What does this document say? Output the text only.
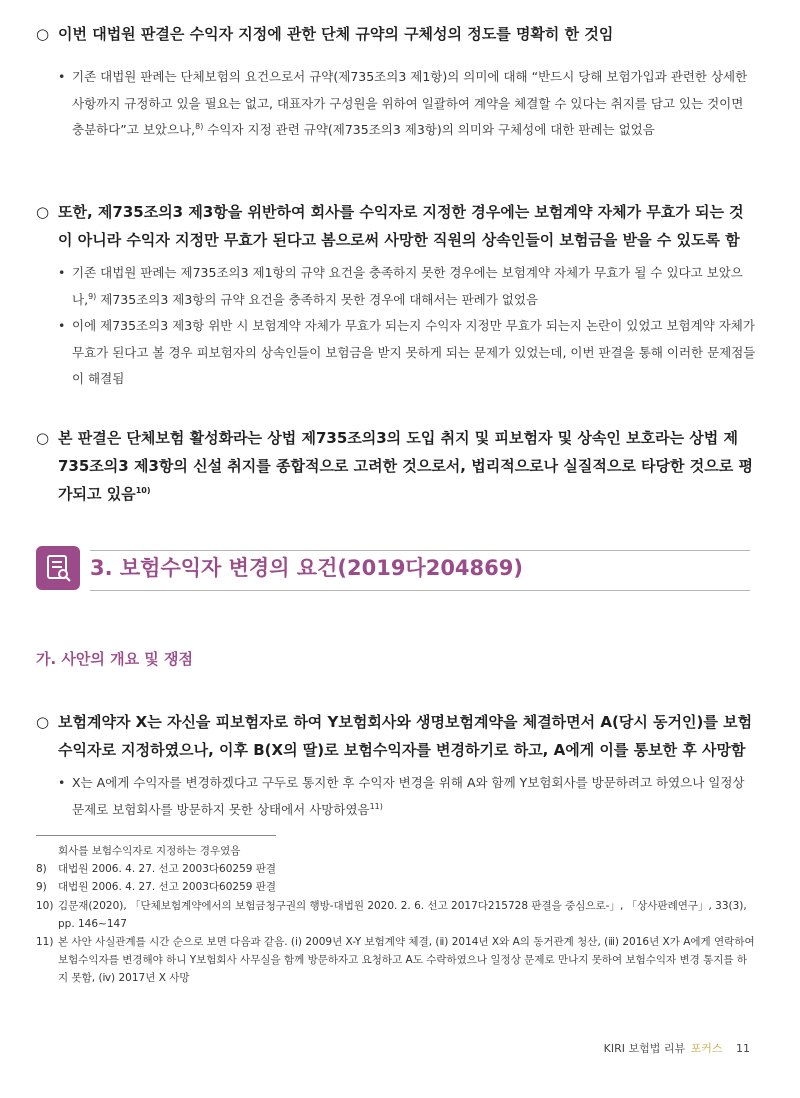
○ 이번 대법원 판결은 수익자 지정에 관한 단체 규약의 구체성의 정도를 명확히 한 것임
• 기존 대법원 판례는 단체보험의 요건으로서 규약(제735조의3 제1항)의 의미에 대해 “반드시 당해 보험가입과 관련한 상세한 사항까지 규정하고 있을 필요는 없고, 대표자가 구성원을 위하여 일괄하여 계약을 체결할 수 있다는 취지를 담고 있는 것이면 충분하다”고 보았으나,$^{8)}$ 수익자 지정 관련 규약(제735조의3 제3항)의 의미와 구체성에 대한 판례는 없었음
○ 또한, 제735조의3 제3항을 위반하여 회사를 수익자로 지정한 경우에는 보험계약 자체가 무효가 되는 것이 아니라 수익자 지정만 무효가 된다고 봄으로써 사망한 직원의 상속인들이 보험금을 받을 수 있도록 함
• 기존 대법원 판례는 제735조의3 제1항의 규약 요건을 충족하지 못한 경우에는 보험계약 자체가 무효가 될 수 있다고 보았으나,$^{9)}$ 제735조의3 제3항의 규약 요건을 충족하지 못한 경우에 대해서는 판례가 없었음
• 이에 제735조의3 제3항 위반 시 보험계약 자체가 무효가 되는지 수익자 지정만 무효가 되는지 논란이 있었고 보험계약 자체가 무효가 된다고 볼 경우 피보험자의 상속인들이 보험금을 받지 못하게 되는 문제가 있었는데, 이번 판결을 통해 이러한 문제점들이 해결됨
○ 본 판결은 단체보험 활성화라는 상법 제735조의3의 도입 취지 및 피보험자 및 상속인 보호라는 상법 제735조의3 제3항의 신설 취지를 종합적으로 고려한 것으로서, 법리적으로나 실질적으로 타당한 것으로 평가되고 있음$^{10)}$
3. 보험수익자 변경의 요건(2019다204869)
가. 사안의 개요 및 쟁점
○ 보험계약자 X는 자신을 피보험자로 하여 Y보험회사와 생명보험계약을 체결하면서 A(당시 동거인)를 보험수익자로 지정하였으나, 이후 B(X의 딸)로 보험수익자를 변경하기로 하고, A에게 이를 통보한 후 사망함
• X는 A에게 수익자를 변경하겠다고 구두로 통지한 후 수익자 변경을 위해 A와 함께 Y보험회사를 방문하려고 하였으나 일정상 문제로 보험회사를 방문하지 못한 상태에서 사망하였음$^{11)}$
회사를 보험수익자로 지정하는 경우였음
8)	대법원 2006. 4. 27. 선고 2003다60259 판결
9)	대법원 2006. 4. 27. 선고 2003다60259 판결
10) 김문재(2020), 「단체보험계약에서의 보험금청구권의 행방-대법원 2020. 2. 6. 선고 2017다215728 판결을 중심으로-」, 「상사판례연구」, 33(3), pp. 146~147
11) 본 사안 사실관계를 시간 순으로 보면 다음과 같음. (ⅰ) 2009년 X-Y 보험계약 체결, (ⅱ) 2014년 X와 A의 동거관계 청산, (ⅲ) 2016년 X가 A에게 연락하여 보험수익자를 변경해야 하니 Y보험회사 사무실을 함께 방문하자고 요청하고 A도 수락하였으나 일정상 문제로 만나지 못하여 보험수익자 변경 통지를 하지 못함, (ⅳ) 2017년 X 사망
KIRI 보험법 리뷰 포커스 11
